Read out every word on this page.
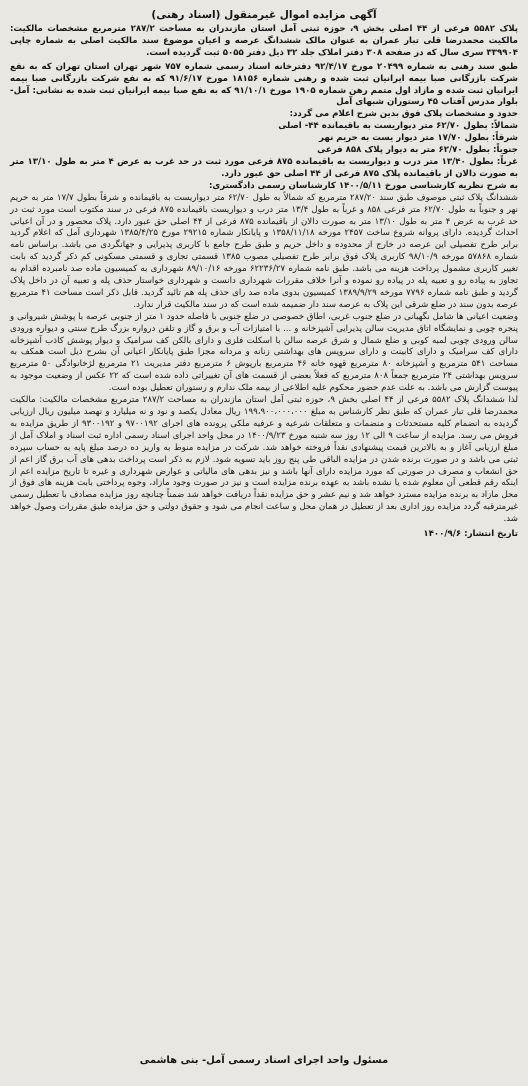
آگهی مزایده اموال غیرمنقول (اسناد رهنی)

پلاک ۵۵۸۲ فرعی از ۴۴ اصلی بخش ۹، حوزه ثبتی آمل استان مازندران به مساحت ۲۸۷/۲ مترمربع مشخصات مالکیت: مالکیت محمدرضا قلی تبار عمران به عنوان مالک ششدانگ عرصه و اعیان موضوع سند مالکیت اصلی به شماره چاپی ۳۳۹۹۰۴ سری سال که در صفحه ۳۰۸ دفتر املاک جلد ۳۲ ذیل دفتر ۵۰۵۵ ثبت گردیده است.

طبق سند رهنی به شماره ۲۰۴۹۹ مورخ ۹۲/۴/۱۷ دفترخانه اسناد رسمی شماره ۷۵۷ شهر تهران استان تهران که به نفع شرکت بازرگانی صبا بیمه ایرانیان ثبت شده و رهنی شماره ۱۸۱۵۶ مورخ ۹۱/۶/۱۷ که به نفع شرکت بازرگانی صبا بیمه ایرانیان ثبت شده و مازاد اول متمم رهن شماره ۱۹۰۵ مورخ ۹۱/۱۰/۱ که به نفع صبا بیمه ایرانیان ثبت شده به نشانی: آمل- بلوار مدرس آفتاب ۴۵ رستوران شبهای آمل

حدود و مشخصات پلاک فوق بدین شرح اعلام می گردد:

شمالاً: بطول ۶۲/۷۰ متر دیواریست به باقیمانده ۴۴- اصلی

شرقاً: بطول ۱۷/۷۰ متر دیوار یست به حریم نهر

جنوباً: بطول ۶۲/۷۰ متر به دیوار پلاک ۸۵۸ فرعی

غرباً: بطول ۱۳/۴۰ متر درب و دیواریست به باقیمانده ۸۷۵ فرعی مورد ثبت در حد غرب به عرض ۴ متر به طول ۱۳/۱۰ متر به صورت دالان از باقیمانده پلاک ۸۷۵ فرعی از ۴۴ اصلی حق عبور دارد.

به شرح نظریه کارشناسی مورخ ۱۴۰۰/۵/۱۱ کارشناسان رسمی دادگستری:

ششدانگ پلاک ثبتی موصوف طبق سند ۲۸۷/۲۰ مترمربع که شمالاً به طول ۶۲/۷۰ متر دیواریست به باقیمانده و شرقاً بطول ۱۷/۷ متر به حریم نهر و جنوباً به طول ۶۲/۷۰ متر فرعی ۸۵۸ و غرباً به طول ۱۳/۴ متر درب و دیواریست باقیمانده ۸۷۵ فرعی در سند مکتوب است مورد ثبت در حد غرب به عرض ۴ متر به طول ۱۳/۱۰ متر به صورت دالان از باقیمانده ۸۷۵ فرعی از ۴۴ اصلی حق عبور دارد. پلاک محصور و در آن اعیانی احداث گردیده. دارای پروانه شروع ساخت ۲۴۵۷ مورخه ۱۳۵۸/۱۱/۱۸ و پایانکار شماره ۲۹۲۱۵ مورخ ۱۳۸۵/۴/۲۵ شهرداری آمل که اعلام گردید برابر طرح تفصیلی این عرصه در خارج از محدوده و داخل حریم و طبق طرح جامع با کاربری پذیرایی و جهانگردی می باشد. براساس نامه شماره ۵۷۸۶۸ مورخه ۹۸/۱۰/۹ کاربری پلاک فوق برابر طرح تفصیلی مصوب ۱۳۸۵ قسمتی تجاری و قسمتی مسکونی کم ذکر گردید که بابت تغییر کاربری مشمول پرداخت هزینه می باشد. طبق نامه شماره ۶۲۲۳۶/۲۷ مورخه ۸۹/۱۰/۱۶ شهرداری به کمیسیون ماده صد نامبرده اقدام به تجاوز به پیاده رو و تعبیه پله در پیاده رو نموده و آنرا خلاف مقررات شهرداری دانست و شهرداری خواستار حذف پله و تعبیه آن در داخل پلاک گردید و طبق نامه شماره ۷۷۹۶ مورخه ۱۳۸۹/۹/۲۹ کمیسیون بدوی ماده صد رای حذف پله هم تائید گردید. قابل ذکر است مساحت ۴۱ مترمربع عرصه بدون سند در ضلع شرقی این پلاک به عرصه سند دار ضمیمه شده است که در سند مالکیت قرار ندارد.

وضعیت اعیانی ها شامل نگهبانی در ضلع جنوب غربی، اطاق خصوصی در ضلع جنوبی با فاصله حدود ۱ متر از جنوبی عرصه با پوشش شیروانی و پنجره چوبی و نمایشگاه اتاق مدیریت سالن پذیرایی آشپزخانه و ... با امتیازات آب و برق و گاز و تلفن درواره بزرگ طرح سنتی و دیواره ورودی سالن ورودی چوبی لمبه کوبی و ضلع شمال و شرق عرصه سالن با اسکلت فلزی و دارای بالکن کف سرامیک و دیوار پوشش کاذب آشپزخانه دارای کف سرامیک و دارای کابینت و دارای سرویس های بهداشتی زنانه و مردانه مجزا طبق پایانکار اعیانی آن بشرح ذیل است همکف به مساحت ۵۴۱ مترمربع و آشپزخانه ۸۰ مترمربع قهوه خانه ۴۶ مترمربع بارپوش ۶ مترمربع دفتر مدیریت ۲۱ مترمربع لژخانوادگی ۵۰ مترمربع سرویس بهداشتی ۲۴ مترمربع جمعاً ۸۰۸ مترمربع که فعلاً بعضی از قسمت های آن تغییراتی داده شده است که ۲۲ عکس از وضعیت موجود به پیوست گزارش می باشد. به علت عدم حضور محکوم علیه اطلاعی از بیمه ملک ندارم و رستوران تعطیل بوده است.

لذا ششدانگ پلاک ۵۵۸۲ فرعی از ۴۴ اصلی بخش ۹، حوزه ثبتی آمل استان مازندران به مساحت ۲۸۷/۲ مترمربع مشخصات مالکیت: مالکیت محمدرضا قلی تبار عمران که طبق نظر کارشناس به مبلغ ۱۹۹،۹۰۰،۰۰۰،۰۰۰ ریال معادل یکصد و نود و نه میلیارد و نهصد میلیون ریال ارزیابی گردیده به انضمام کلیه مستحدثات و منضمات و متعلقات شرعیه و عرفیه ملکی پرونده های اجرای ۹۷۰۰۱۹۲ و ۹۳۰۰۱۹۲ از طریق مزایده به فروش می رسد. مزایده از ساعت ۹ الی ۱۲ روز سه شنبه مورخ ۱۴۰۰/۹/۲۳ در محل واحد اجرای اسناد رسمی اداره ثبت اسناد و املاک آمل از مبلغ ارزیابی آغاز و به بالاترین قیمت پیشنهادی نقداً فروخته خواهد شد. شرکت در مزایده منوط به واریز ده درصد مبلغ پایه به حساب سپرده ثبتی می باشد و در صورت برنده شدن در مزایده الباقی طی پنج روز باید تسویه شود. لازم به ذکر است پرداخت بدهی های آب برق گاز اعم از حق انشعاب و مصرف در صورتی که مورد مزایده دارای آنها باشد و نیز بدهی های مالیاتی و عوارض شهرداری و غیره تا تاریخ مزایده اعم از اینکه رقم قطعی آن معلوم شده یا نشده باشد به عهده برنده مزایده است و نیز در صورت وجود مازاد، وجوه پرداختی بابت هزینه های فوق از محل مازاد به برنده مزایده مسترد خواهد شد و نیم عشر و حق مزایده نقداً دریافت خواهد شد ضمناً چنانچه روز مزایده مصادف با تعطیل رسمی غیرمترقبه گردد مزایده روز اداری بعد از تعطیل در همان محل و ساعت انجام می شود و حقوق دولتی و حق مزایده طبق مقررات وصول خواهد شد.

تاریخ انتشار: ۱۴۰۰/۹/۶
مسئول واحد اجرای اسناد رسمی آمل- بنی هاشمی
